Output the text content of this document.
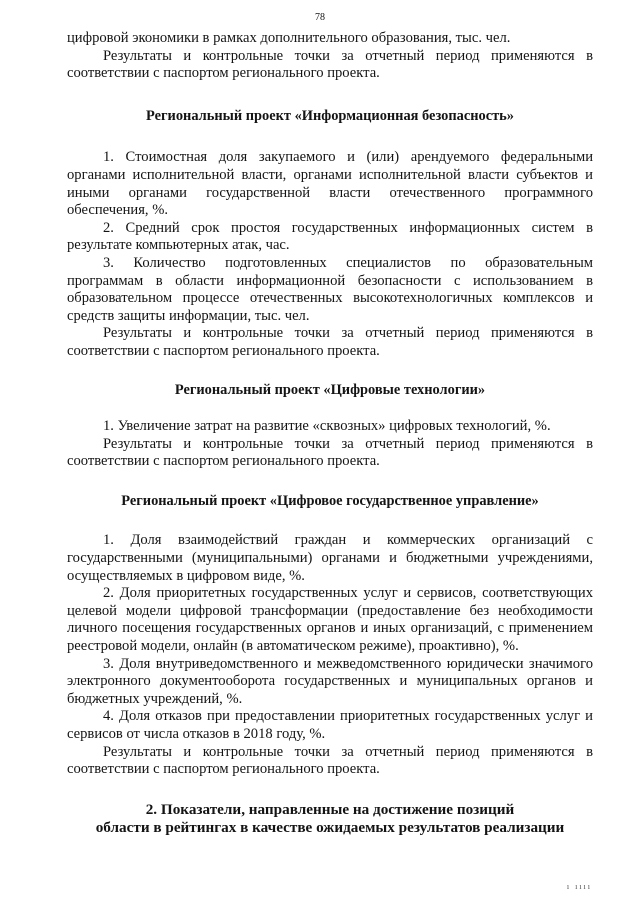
78

цифровой экономики в рамках дополнительного образования, тыс. чел.

Результаты и контрольные точки за отчетный период применяются в соответствии с паспортом регионального проекта.

Региональный проект «Информационная безопасность»

1. Стоимостная доля закупаемого и (или) арендуемого федеральными органами исполнительной власти, органами исполнительной власти субъектов и иными органами государственной власти отечественного программного обеспечения, %.

2. Средний срок простоя государственных информационных систем в результате компьютерных атак, час.

3. Количество подготовленных специалистов по образовательным программам в области информационной безопасности с использованием в образовательном процессе отечественных высокотехнологичных комплексов и средств защиты информации, тыс. чел.

Результаты и контрольные точки за отчетный период применяются в соответствии с паспортом регионального проекта.

Региональный проект «Цифровые технологии»

1. Увеличение затрат на развитие «сквозных» цифровых технологий, %.

Результаты и контрольные точки за отчетный период применяются в соответствии с паспортом регионального проекта.

Региональный проект «Цифровое государственное управление»

1. Доля взаимодействий граждан и коммерческих организаций с государственными (муниципальными) органами и бюджетными учреждениями, осуществляемых в цифровом виде, %.

2. Доля приоритетных государственных услуг и сервисов, соответствующих целевой модели цифровой трансформации (предоставление без необходимости личного посещения государственных органов и иных организаций, с применением реестровой модели, онлайн (в автоматическом режиме), проактивно), %.

3. Доля внутриведомственного и межведомственного юридически значимого электронного документооборота государственных и муниципальных органов и бюджетных учреждений, %.

4. Доля отказов при предоставлении приоритетных государственных услуг и сервисов от числа отказов в 2018 году, %.

Результаты и контрольные точки за отчетный период применяются в соответствии с паспортом регионального проекта.

2. Показатели, направленные на достижение позиций

области в рейтингах в качестве ожидаемых результатов реализации

ı ıııı
